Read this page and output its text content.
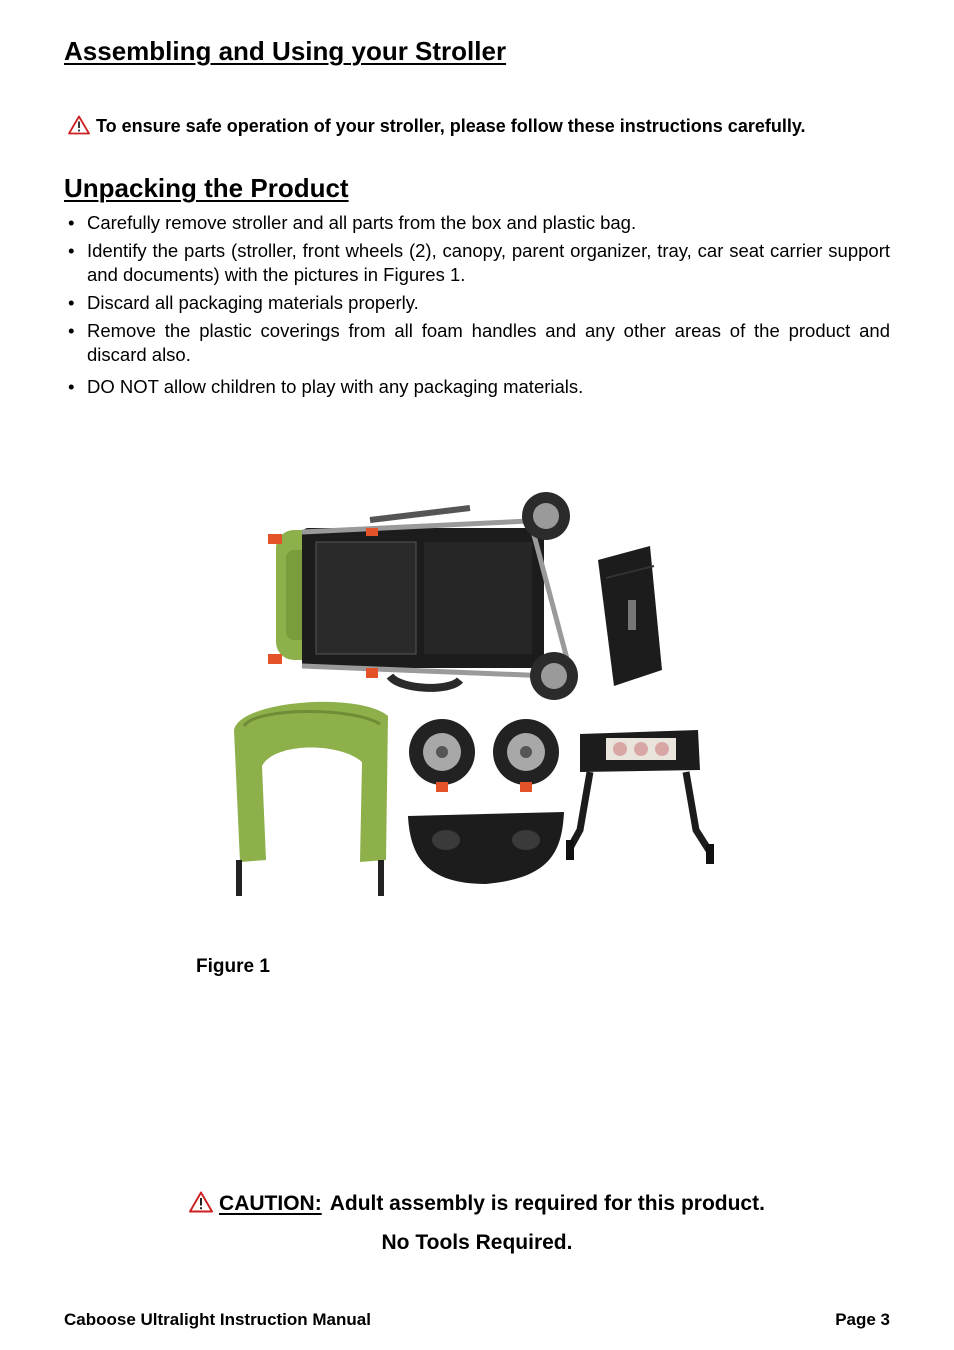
Assembling and Using your Stroller
To ensure safe operation of your stroller, please follow these instructions carefully.
Unpacking the Product
• Carefully remove stroller and all parts from the box and plastic bag.
• Identify the parts (stroller, front wheels (2), canopy, parent organizer, tray, car seat carrier support and documents) with the pictures in Figures 1.
• Discard all packaging materials properly.
• Remove the plastic coverings from all foam handles and any other areas of the product and discard also.
• DO NOT allow children to play with any packaging materials.
Figure 1
CAUTION: Adult assembly is required for this product.
No Tools Required.
Caboose Ultralight Instruction Manual	Page 3
